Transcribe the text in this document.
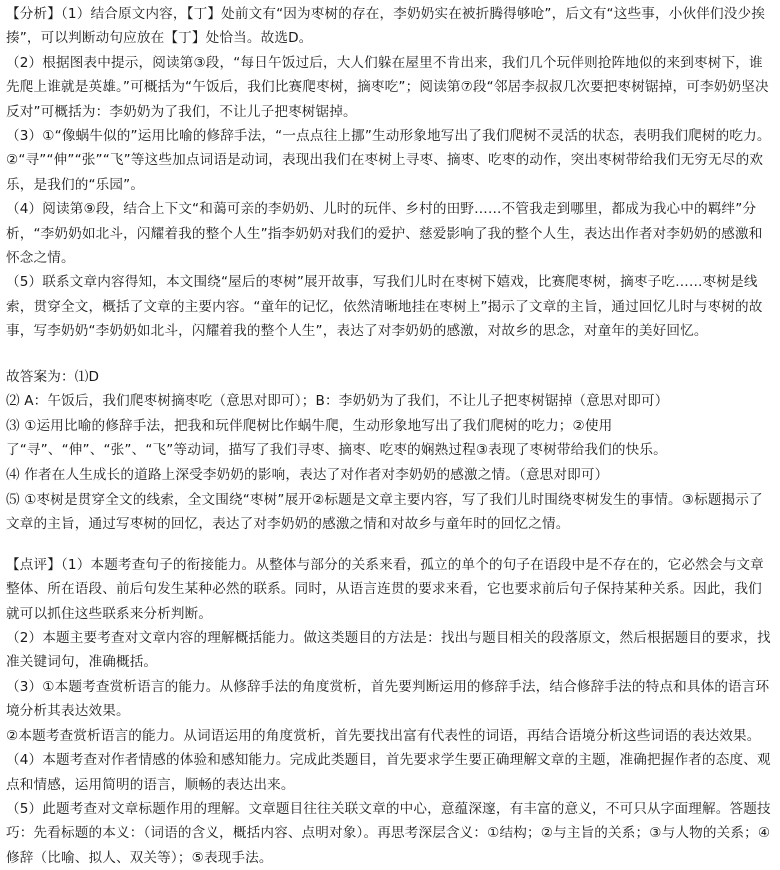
【分析】（1）结合原文内容，【丁】处前文有“因为枣树的存在，李奶奶实在被折腾得够呛”，后文有“这些事，小伙伴们没少挨揍”，可以判断动句应放在【丁】处恰当。故选D。

（2）根据图表中提示，阅读第③段，“每日午饭过后，大人们躲在屋里不肯出来，我们几个玩伴则抢阵地似的来到枣树下，谁先爬上谁就是英雄。”可概括为“午饭后，我们比赛爬枣树，摘枣吃”；阅读第⑦段“邻居李叔叔几次要把枣树锯掉，可李奶奶坚决反对”可概括为：李奶奶为了我们，不让儿子把枣树锯掉。

（3）①“像蜗牛似的”运用比喻的修辞手法，“一点点往上挪”生动形象地写出了我们爬树不灵活的状态，表明我们爬树的吃力。

②“寻”“伸”“张”“飞”等这些加点词语是动词，表现出我们在枣树上寻枣、摘枣、吃枣的动作，突出枣树带给我们无穷无尽的欢乐，是我们的“乐园”。

（4）阅读第⑨段，结合上下文“和蔼可亲的李奶奶、儿时的玩伴、乡村的田野……不管我走到哪里，都成为我心中的羁绊”分析，“李奶奶如北斗，闪耀着我的整个人生”指李奶奶对我们的爱护、慈爱影响了我的整个人生，表达出作者对李奶奶的感激和怀念之情。

（5）联系文章内容得知，本文围绕“屋后的枣树”展开故事，写我们儿时在枣树下嬉戏，比赛爬枣树，摘枣子吃……枣树是线索，贯穿全文，概括了文章的主要内容。“童年的记忆，依然清晰地挂在枣树上”揭示了文章的主旨，通过回忆儿时与枣树的故事，写李奶奶“李奶奶如北斗，闪耀着我的整个人生”，表达了对李奶奶的感激，对故乡的思念，对童年的美好回忆。

故答案为：⑴D

⑵ A：午饭后，我们爬枣树摘枣吃（意思对即可）；B：李奶奶为了我们，不让儿子把枣树锯掉（意思对即可）

⑶ ①运用比喻的修辞手法，把我和玩伴爬树比作蜗牛爬，生动形象地写出了我们爬树的吃力；②使用了“寻”、“伸”、“张”、“飞”等动词，描写了我们寻枣、摘枣、吃枣的娴熟过程③表现了枣树带给我们的快乐。

⑷ 作者在人生成长的道路上深受李奶奶的影响，表达了对作者对李奶奶的感激之情。（意思对即可）

⑸ ①枣树是贯穿全文的线索，全文围绕“枣树”展开②标题是文章主要内容，写了我们儿时围绕枣树发生的事情。③标题揭示了文章的主旨，通过写枣树的回忆，表达了对李奶奶的感激之情和对故乡与童年时的回忆之情。

【点评】（1）本题考查句子的衔接能力。从整体与部分的关系来看，孤立的单个的句子在语段中是不存在的，它必然会与文章整体、所在语段、前后句发生某种必然的联系。同时，从语言连贯的要求来看，它也要求前后句子保持某种关系。因此，我们就可以抓住这些联系来分析判断。

（2）本题主要考查对文章内容的理解概括能力。做这类题目的方法是：找出与题目相关的段落原文，然后根据题目的要求，找准关键词句，准确概括。

（3）①本题考查赏析语言的能力。从修辞手法的角度赏析，首先要判断运用的修辞手法，结合修辞手法的特点和具体的语言环境分析其表达效果。

②本题考查赏析语言的能力。从词语运用的角度赏析，首先要找出富有代表性的词语，再结合语境分析这些词语的表达效果。

（4）本题考查对作者情感的体验和感知能力。完成此类题目，首先要求学生要正确理解文章的主题，准确把握作者的态度、观点和情感，运用简明的语言，顺畅的表达出来。

（5）此题考查对文章标题作用的理解。文章题目往往关联文章的中心，意蕴深邃，有丰富的意义，不可只从字面理解。答题技巧：先看标题的本义：（词语的含义，概括内容、点明对象）。再思考深层含义：①结构；②与主旨的关系；③与人物的关系；④修辞（比喻、拟人、双关等）；⑤表现手法。
